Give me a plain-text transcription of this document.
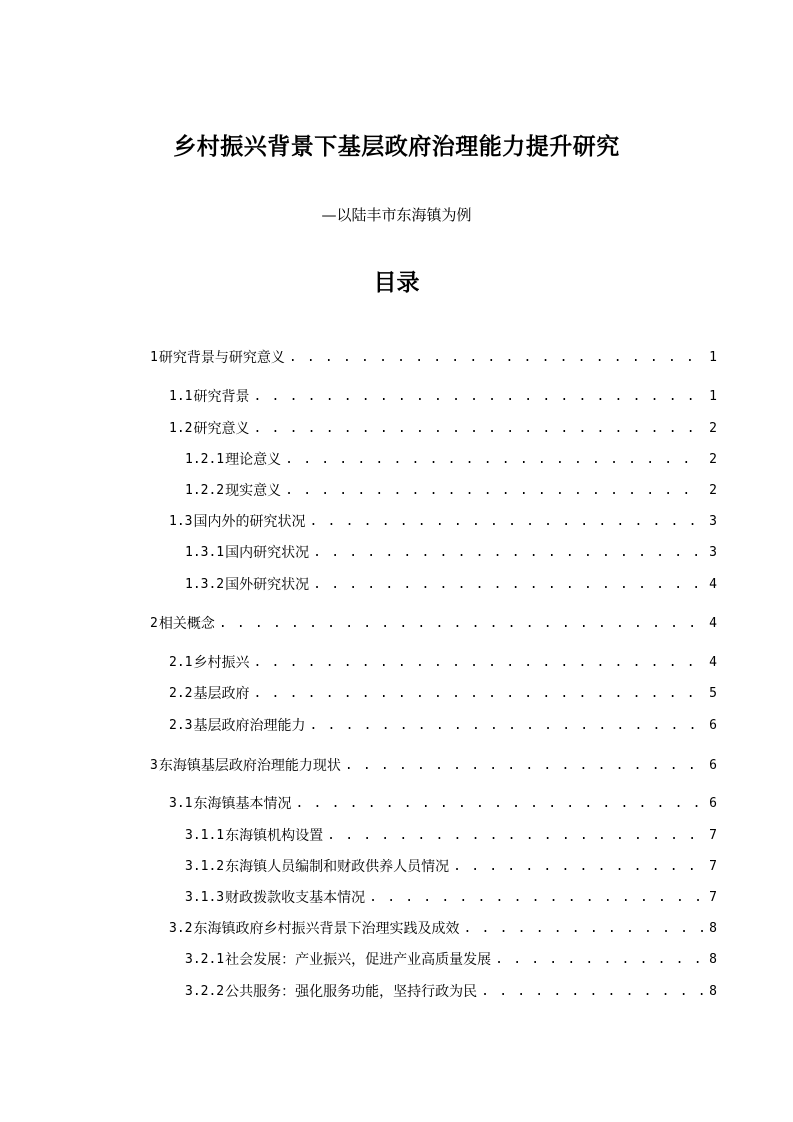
乡村振兴背景下基层政府治理能力提升研究
—以陆丰市东海镇为例
目录
1 研究背景与研究意义 . . .	1
1.1 研究背景 . . .	1
1.2 研究意义 . . .	2
1.2.1 理论意义 . . .	2
1.2.2 现实意义 . . .	2
1.3 国内外的研究状况 . . .	3
1.3.1 国内研究状况 . . .	3
1.3.2 国外研究状况 . . .	4
2 相关概念 . . .	4
2.1 乡村振兴 . . .	4
2.2 基层政府 . . .	5
2.3 基层政府治理能力 . . .	6
3 东海镇基层政府治理能力现状 . . .	6
3.1 东海镇基本情况 . . .	6
3.1.1 东海镇机构设置 . . .	7
3.1.2 东海镇人员编制和财政供养人员情况 . . .	7
3.1.3 财政拨款收支基本情况 . . .	7
3.2 东海镇政府乡村振兴背景下治理实践及成效 . . .	8
3.2.1 社会发展：产业振兴，促进产业高质量发展 . . .	8
3.2.2 公共服务：强化服务功能，坚持行政为民 . . .	8
